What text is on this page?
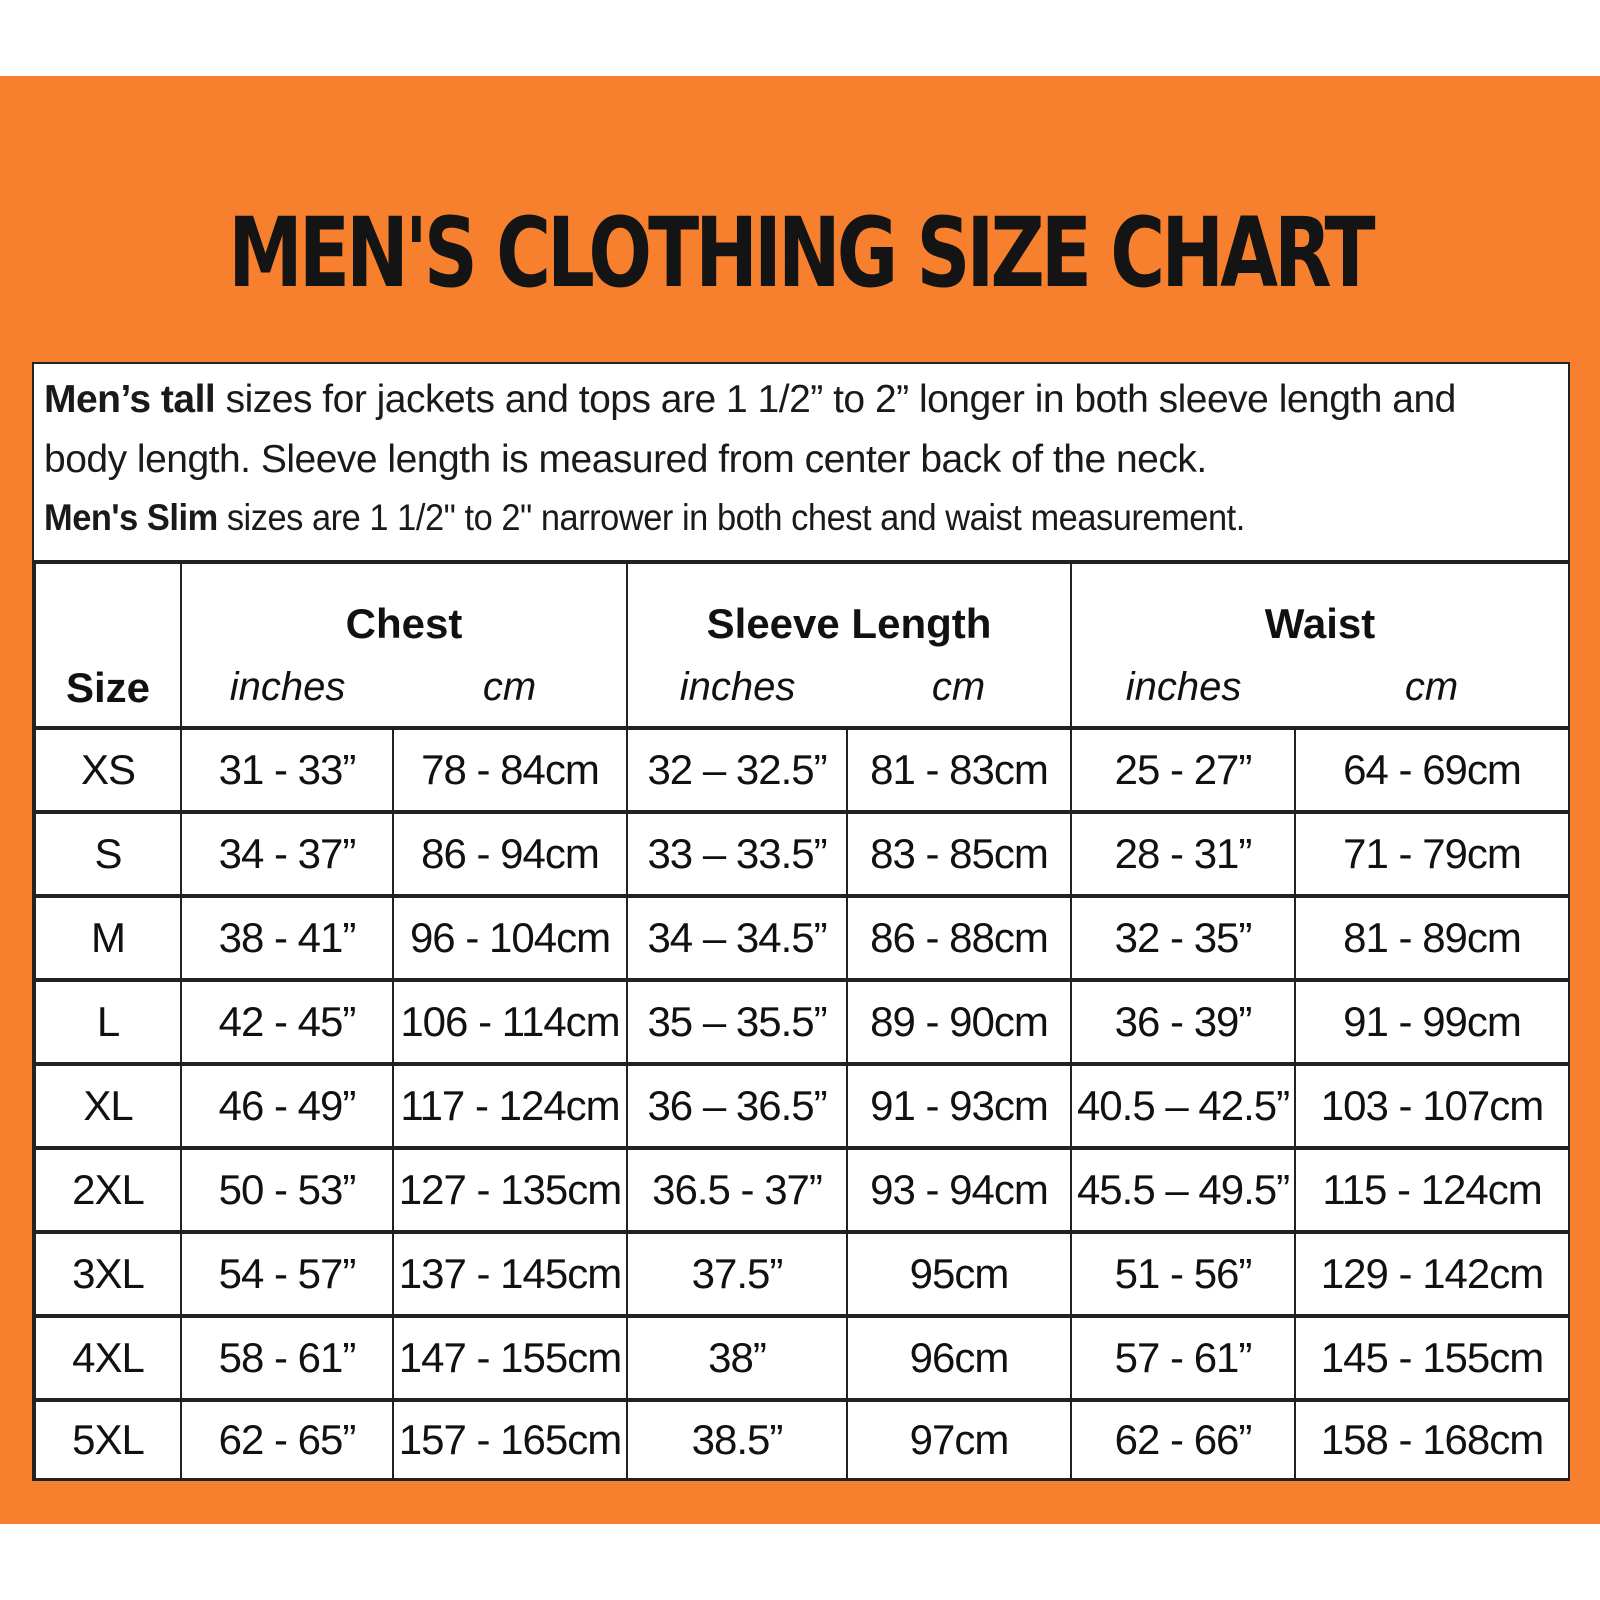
MEN'S CLOTHING SIZE CHART
Men’s tall sizes for jackets and tops are 1 1/2” to 2” longer in both sleeve length and
body length. Sleeve length is measured from center back of the neck.
Men's Slim sizes are 1 1/2" to 2" narrower in both chest and waist measurement.
Size	Chest		Sleeve Length		Waist	
	inches	cm	inches	cm	inches	cm
XS	31 - 33”	78 - 84cm	32 – 32.5”	81 - 83cm	25 - 27”	64 - 69cm
S	34 - 37”	86 - 94cm	33 – 33.5”	83 - 85cm	28 - 31”	71 - 79cm
M	38 - 41”	96 - 104cm	34 – 34.5”	86 - 88cm	32 - 35”	81 - 89cm
L	42 - 45”	106 - 114cm	35 – 35.5”	89 - 90cm	36 - 39”	91 - 99cm
XL	46 - 49”	117 - 124cm	36 – 36.5”	91 - 93cm	40.5 – 42.5”	103 - 107cm
2XL	50 - 53”	127 - 135cm	36.5 - 37”	93 - 94cm	45.5 – 49.5”	115 - 124cm
3XL	54 - 57”	137 - 145cm	37.5”	95cm	51 - 56”	129 - 142cm
4XL	58 - 61”	147 - 155cm	38”	96cm	57 - 61”	145 - 155cm
5XL	62 - 65”	157 - 165cm	38.5”	97cm	62 - 66”	158 - 168cm
